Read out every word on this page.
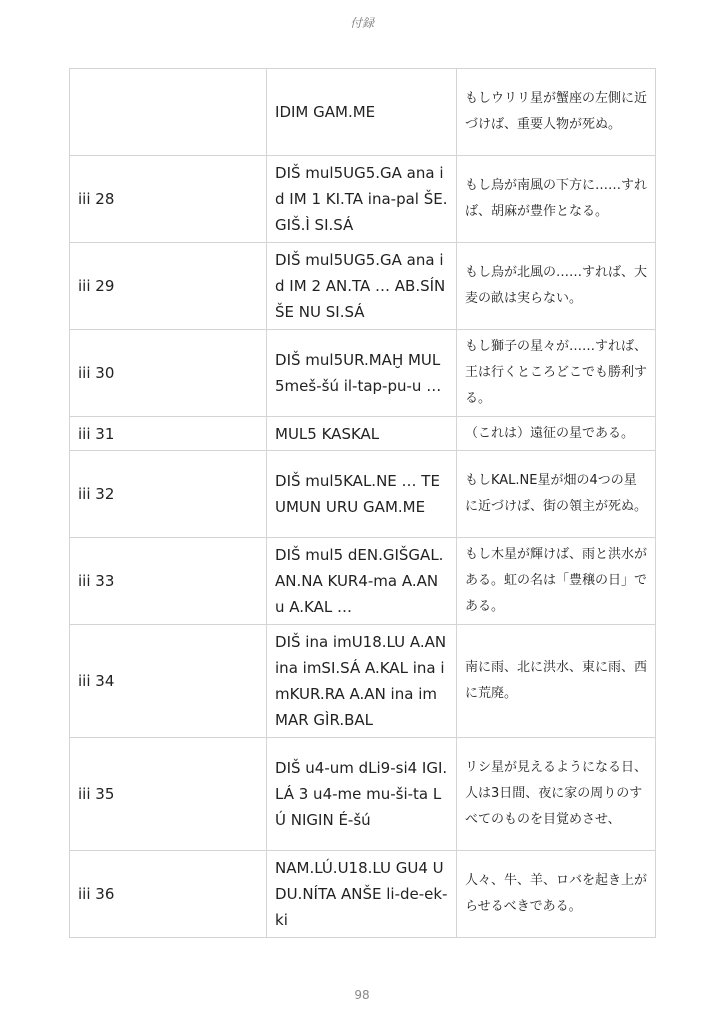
付録
	IDIM GAM.ME	もしウリリ星が蟹座の左側に近づけば、重要人物が死ぬ。
iii 28	DIŠ mul5UG5.GA ana id IM 1 KI.TA ina-pal ŠE.GIŠ.Ì SI.SÁ	もし烏が南風の下方に……すれば、胡麻が豊作となる。
iii 29	DIŠ mul5UG5.GA ana id IM 2 AN.TA … AB.SÍN ŠE NU SI.SÁ	もし烏が北風の……すれば、大麦の畝は実らない。
iii 30	DIŠ mul5UR.MAḪ MUL 5meš-šú il-tap-pu-u …	もし獅子の星々が……すれば、王は行くところどこでも勝利する。
iii 31	MUL5 KASKAL	（これは）遠征の星である。
iii 32	DIŠ mul5KAL.NE … TE UMUN URU GAM.ME	もしKAL.NE星が畑の4つの星に近づけば、街の領主が死ぬ。
iii 33	DIŠ mul5 dEN.GIŠGAL.AN.NA KUR4-ma A.AN u A.KAL …	もし木星が輝けば、雨と洪水がある。虹の名は「豊穣の日」である。
iii 34	DIŠ ina imU18.LU A.AN ina imSI.SÁ A.KAL ina imKUR.RA A.AN ina imMAR GÌR.BAL	南に雨、北に洪水、東に雨、西に荒廃。
iii 35	DIŠ u4-um dLi9-si4 IGI.LÁ 3 u4-me mu-ši-ta LÚ NIGIN É-šú	リシ星が見えるようになる日、人は3日間、夜に家の周りのすべてのものを目覚めさせ、
iii 36	NAM.LÚ.U18.LU GU4 UDU.NÍTA ANŠE li-de-ek-ki	人々、牛、羊、ロバを起き上がらせるべきである。
98
